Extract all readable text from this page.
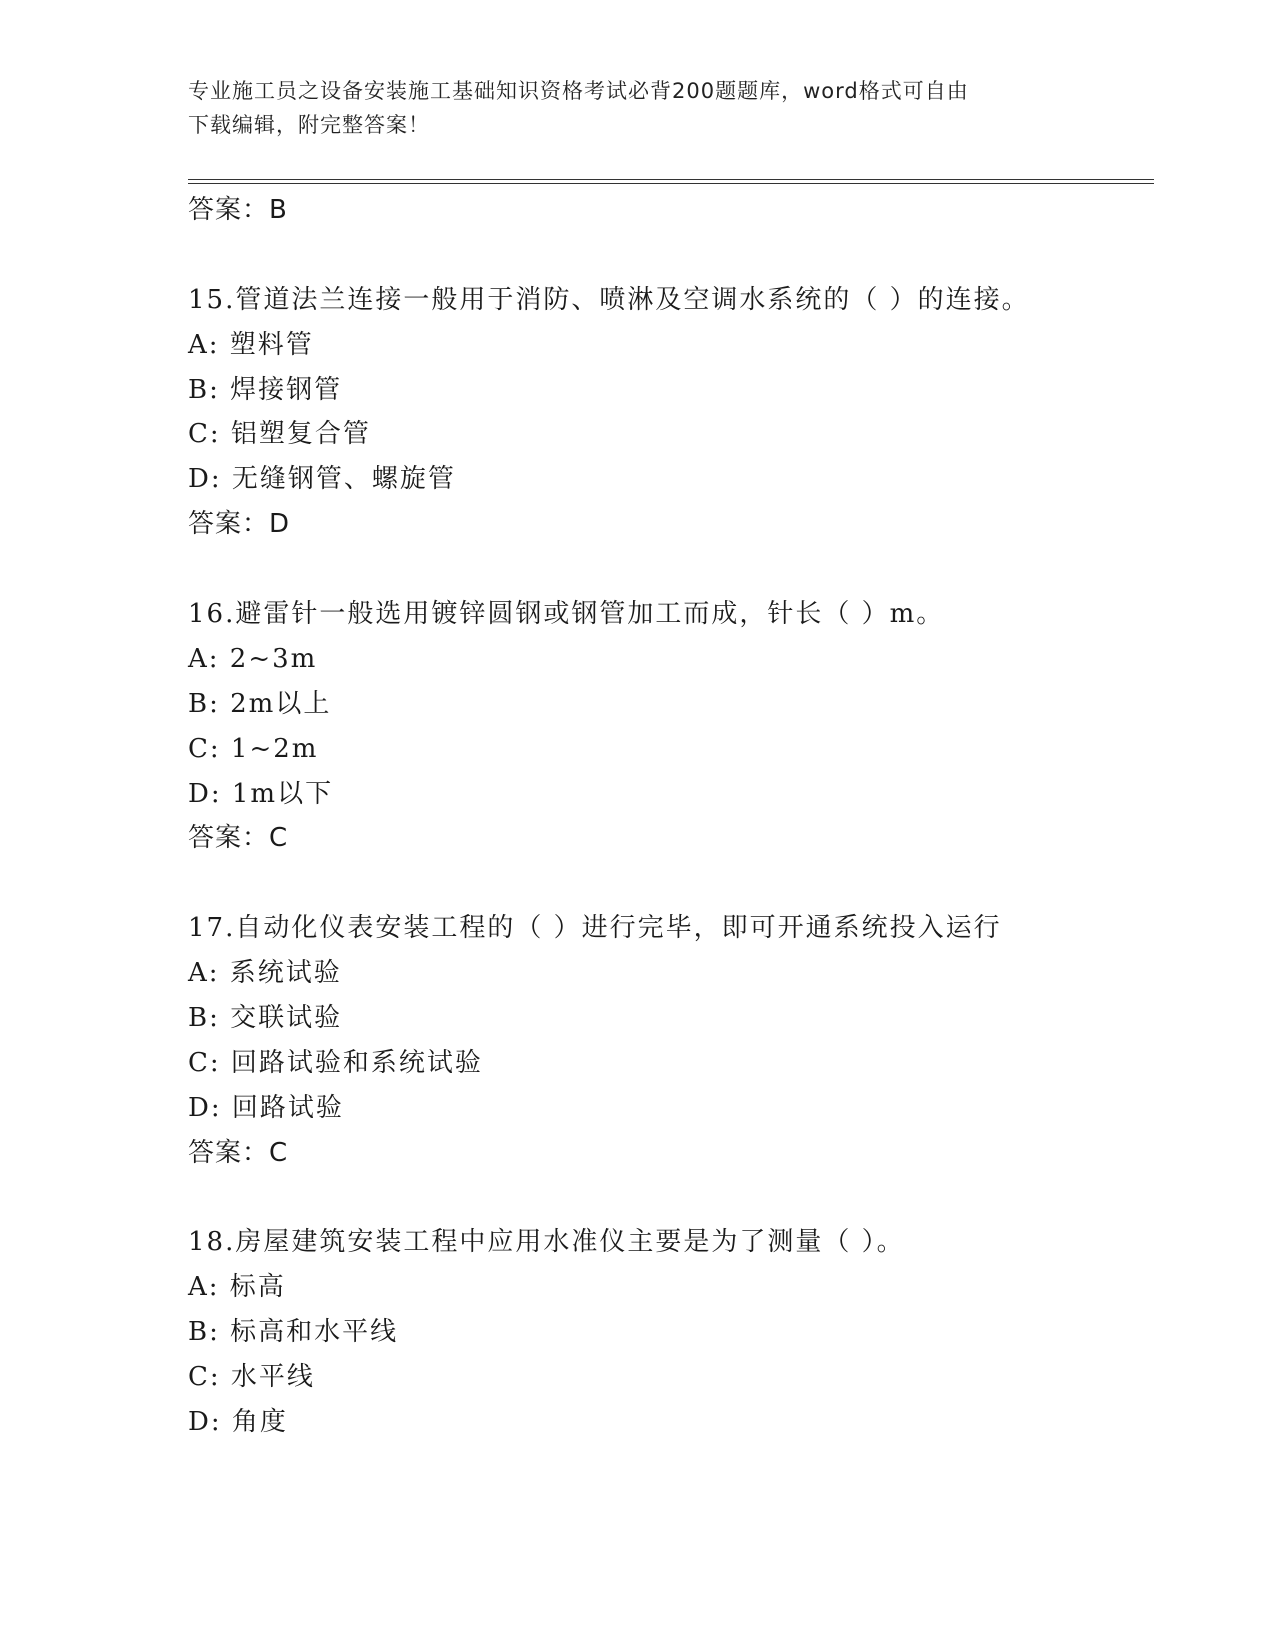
专业施工员之设备安装施工基础知识资格考试必背200题题库，word格式可自由
下载编辑，附完整答案！
答案：B
15.管道法兰连接一般用于消防、喷淋及空调水系统的（ ）的连接。
A: 塑料管
B: 焊接钢管
C: 铝塑复合管
D: 无缝钢管、螺旋管
答案：D
16.避雷针一般选用镀锌圆钢或钢管加工而成，针长（ ）m。
A: 2~3m
B: 2m以上
C: 1~2m
D: 1m以下
答案：C
17.自动化仪表安装工程的（ ）进行完毕，即可开通系统投入运行
A: 系统试验
B: 交联试验
C: 回路试验和系统试验
D: 回路试验
答案：C
18.房屋建筑安装工程中应用水准仪主要是为了测量（ ）。
A: 标高
B: 标高和水平线
C: 水平线
D: 角度
